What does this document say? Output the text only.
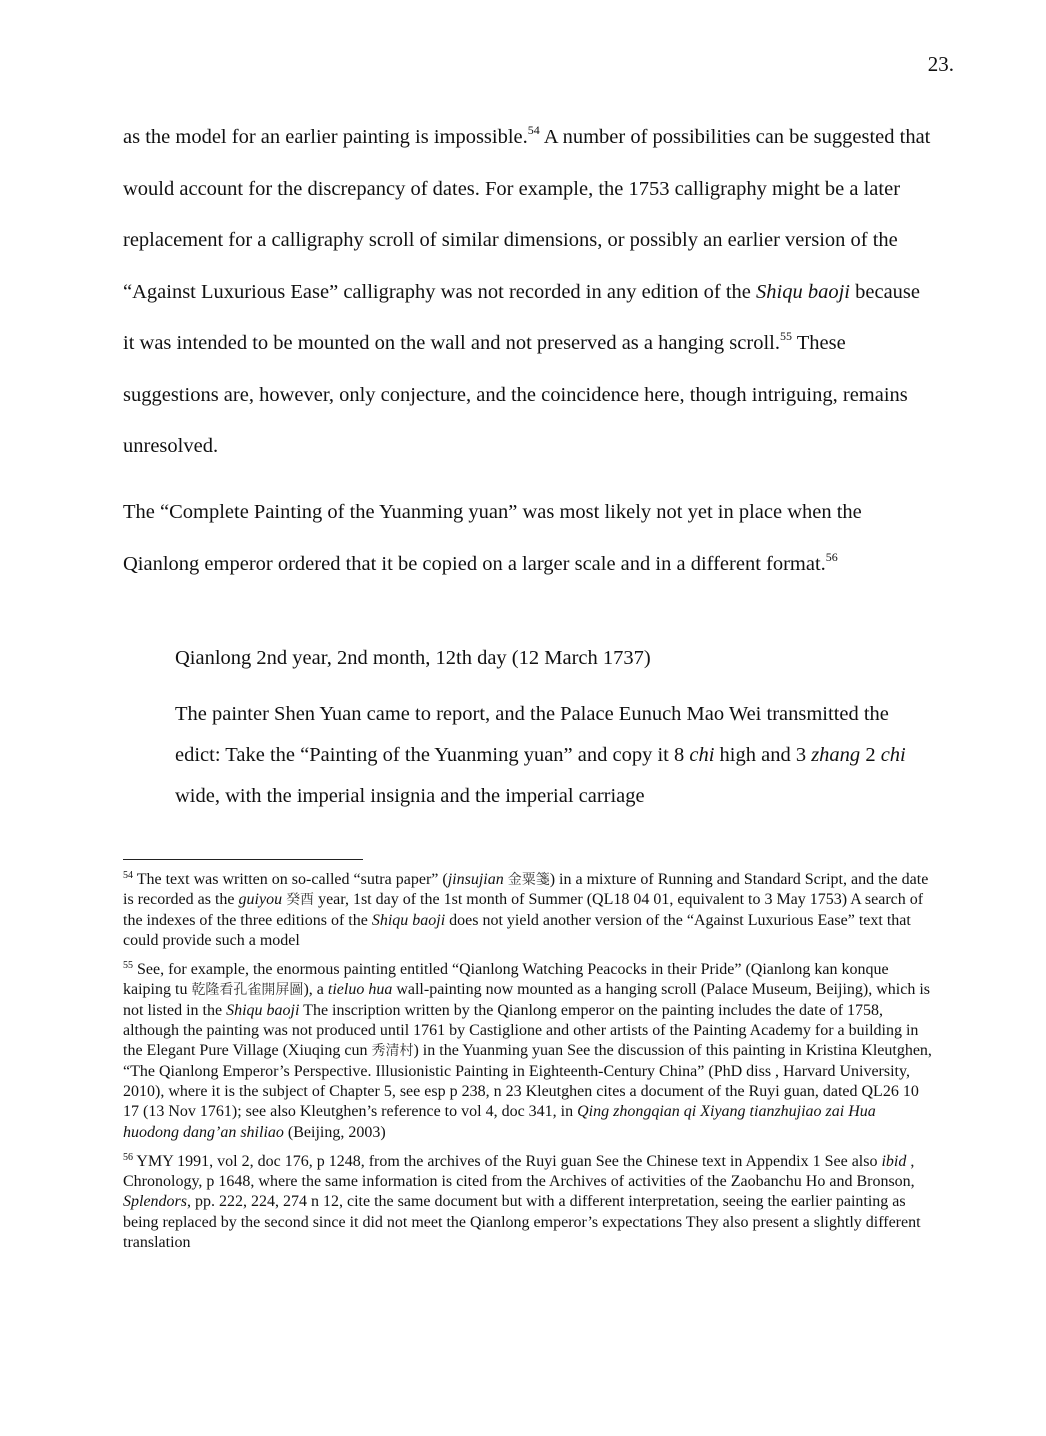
23.

as the model for an earlier painting is impossible.$^{54}$ A number of possibilities can be suggested that would account for the discrepancy of dates. For example, the 1753 calligraphy might be a later replacement for a calligraphy scroll of similar dimensions, or possibly an earlier version of the “Against Luxurious Ease” calligraphy was not recorded in any edition of the Shiqu baoji because it was intended to be mounted on the wall and not preserved as a hanging scroll.$^{55}$ These suggestions are, however, only conjecture, and the coincidence here, though intriguing, remains unresolved.

The “Complete Painting of the Yuanming yuan” was most likely not yet in place when the Qianlong emperor ordered that it be copied on a larger scale and in a different format.$^{56}$

Qianlong 2nd year, 2nd month, 12th day (12 March 1737)

The painter Shen Yuan came to report, and the Palace Eunuch Mao Wei transmitted the edict: Take the “Painting of the Yuanming yuan” and copy it 8 chi high and 3 zhang 2 chi wide, with the imperial insignia and the imperial carriage

$^{54}$ The text was written on so-called “sutra paper” (jinsujian 金粟箋) in a mixture of Running and Standard Script, and the date is recorded as the guiyou 癸酉 year, 1st day of the 1st month of Summer (QL18 04 01, equivalent to 3 May 1753) A search of the indexes of the three editions of the Shiqu baoji does not yield another version of the “Against Luxurious Ease” text that could provide such a model

$^{55}$ See, for example, the enormous painting entitled “Qianlong Watching Peacocks in their Pride” (Qianlong kan konque kaiping tu 乾隆看孔雀開屏圖), a tieluo hua wall-painting now mounted as a hanging scroll (Palace Museum, Beijing), which is not listed in the Shiqu baoji The inscription written by the Qianlong emperor on the painting includes the date of 1758, although the painting was not produced until 1761 by Castiglione and other artists of the Painting Academy for a building in the Elegant Pure Village (Xiuqing cun 秀清村) in the Yuanming yuan See the discussion of this painting in Kristina Kleutghen, “The Qianlong Emperor’s Perspective. Illusionistic Painting in Eighteenth-Century China” (PhD diss , Harvard University, 2010), where it is the subject of Chapter 5, see esp p 238, n 23 Kleutghen cites a document of the Ruyi guan, dated QL26 10 17 (13 Nov 1761); see also Kleutghen’s reference to vol 4, doc 341, in Qing zhongqian qi Xiyang tianzhujiao zai Hua huodong dang’an shiliao (Beijing, 2003)

$^{56}$ YMY 1991, vol 2, doc 176, p 1248, from the archives of the Ruyi guan See the Chinese text in Appendix 1 See also ibid , Chronology, p 1648, where the same information is cited from the Archives of activities of the Zaobanchu Ho and Bronson, Splendors, pp. 222, 224, 274 n 12, cite the same document but with a different interpretation, seeing the earlier painting as being replaced by the second since it did not meet the Qianlong emperor’s expectations They also present a slightly different translation
